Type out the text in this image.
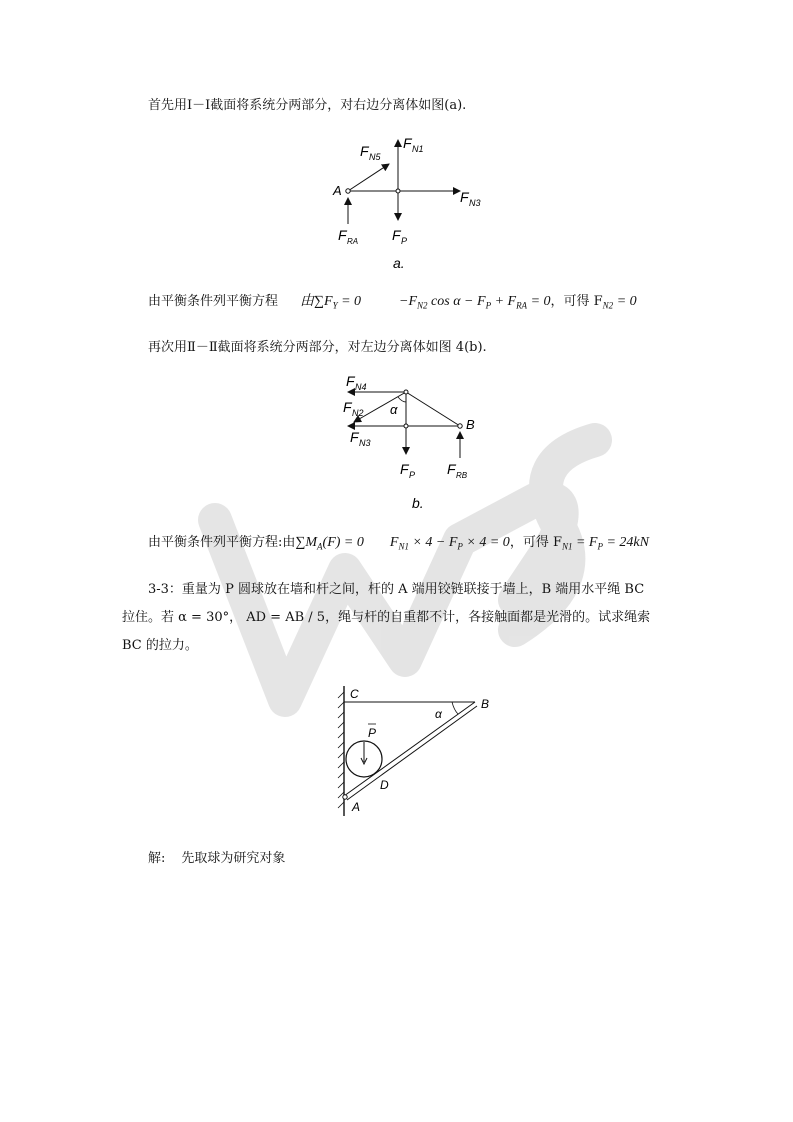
首先用Ⅰ－Ⅰ截面将系统分两部分，对右边分离体如图(a).
A
F N5
F N1
F N3
F RA F P
a.
由平衡条件列平衡方程 由$\sum F_Y = 0$	$-F_{N2}$ $\cos \alpha - F_P + F_{RA} = 0$，可得 $F_{N2} = 0$
再次用Ⅱ－Ⅱ截面将系统分两部分，对左边分离体如图 4(b).
F N4
F N2
F N3
α
B
F P F RB
b.
由平衡条件列平衡方程:由$\sum M_A(F) = 0$ $F_{N1} \times 4 - F_P \times 4 = 0$，可得 $F_{N1} = F_P = 24kN$
3-3：重量为 P 圆球放在墙和杆之间，杆的 A 端用铰链联接于墙上，B 端用水平绳 BC
拉住。若 α = 30°， AD = AB / 5，绳与杆的自重都不计，各接触面都是光滑的。试求绳索
BC 的拉力。
C
B
α
P
D
A
解: 先取球为研究对象
